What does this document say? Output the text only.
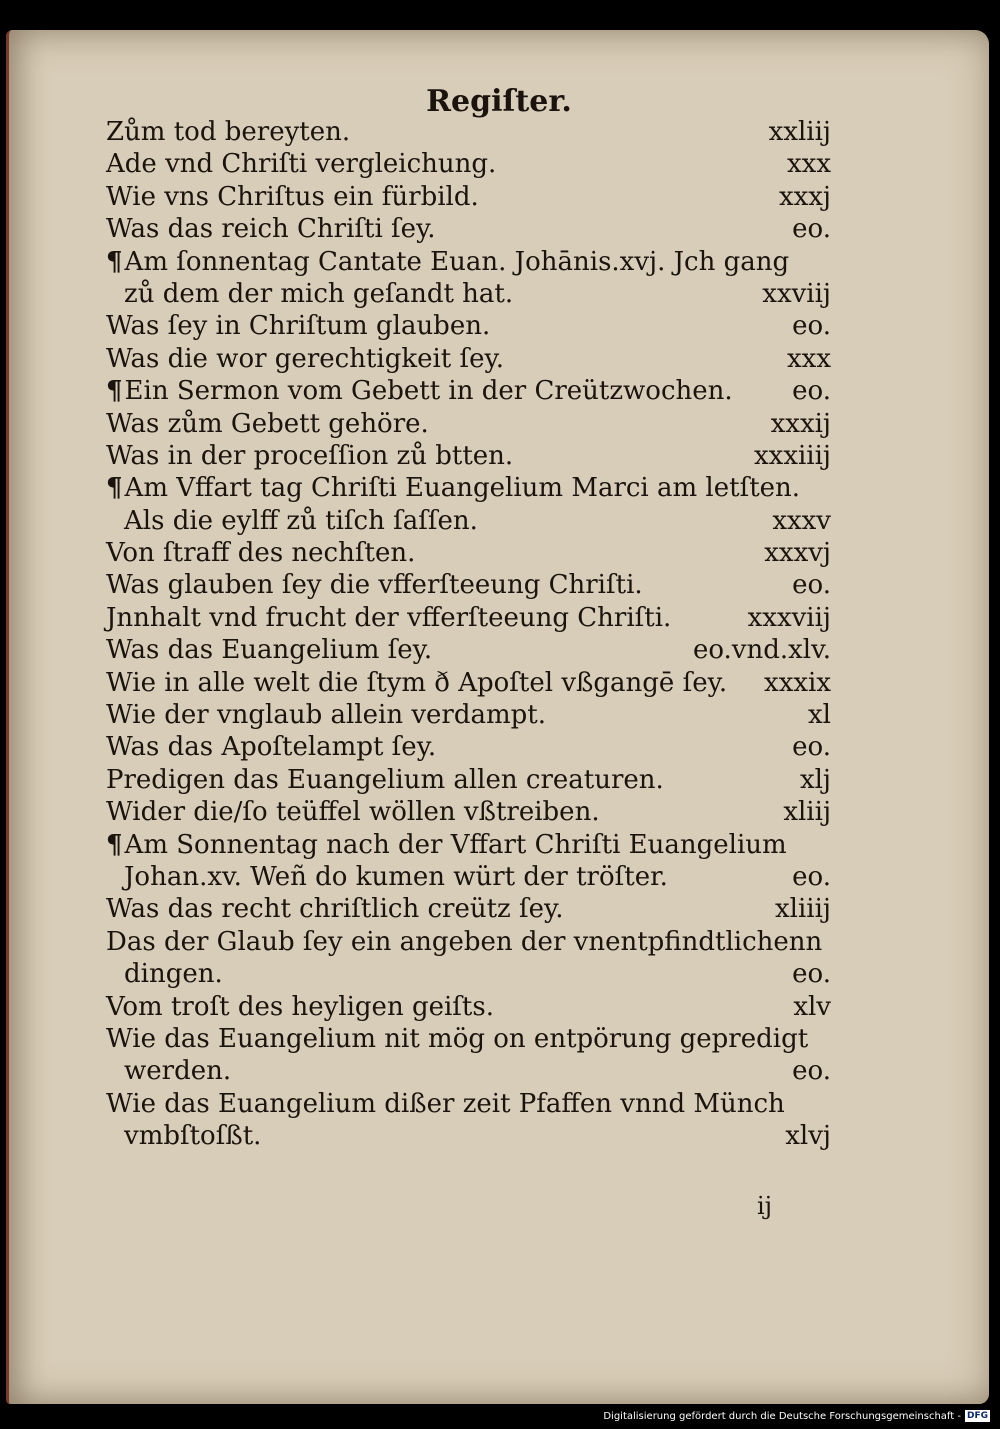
Regiſter.
Zům tod bereyten.	xxliij
Ade vnd Chriſti vergleichung.	xxx
Wie vns Chriſtus ein fürbild.	xxxj
Was das reich Chriſti ſey.	eo.
¶Am ſonnentag Cantate Euan. Johānis.xvj. Jch gang
zů dem der mich geſandt hat.	xxviij
Was ſey in Chriſtum glauben.	eo.
Was die wor gerechtigkeit ſey.	xxx
¶Ein Sermon vom Gebett in der Creützwochen. eo.
Was zům Gebett gehöre.	xxxij
Was in der proceſſion zů btten.	xxxiiij
¶Am Vffart tag Chriſti Euangelium Marci am letſten.
Als die eylff zů tiſch ſaſſen.	xxxv
Von ſtraff des nechſten.	xxxvj
Was glauben ſey die vfferſteeung Chriſti.	eo.
Jnnhalt vnd frucht der vfferſteeung Chriſti.	xxxviij
Was das Euangelium ſey.	eo.vnd.xlv.
Wie in alle welt die ſtym ð Apoſtel vßgangē ſey. xxxix
Wie der vnglaub allein verdampt.	xl
Was das Apoſtelampt ſey.	eo.
Predigen das Euangelium allen creaturen.	xlj
Wider die/ſo teüffel wöllen vßtreiben.	xliij
¶Am Sonnentag nach der Vffart Chriſti Euangelium
Johan.xv. Weñ do kumen würt der tröſter.	eo.
Was das recht chriſtlich creütz ſey.	xliiij
Das der Glaub ſey ein angeben der vnentpfindtlichenn
dingen.	eo.
Vom troſt des heyligen geiſts.	xlv
Wie das Euangelium nit mög on entpörung gepredigt
werden.	eo.
Wie das Euangelium dißer zeit Pfaffen vnnd Münch
vmbſtoſßt.	xlvj
ij
Digitalisierung gefördert durch die Deutsche Forschungsgemeinschaft - DFG
